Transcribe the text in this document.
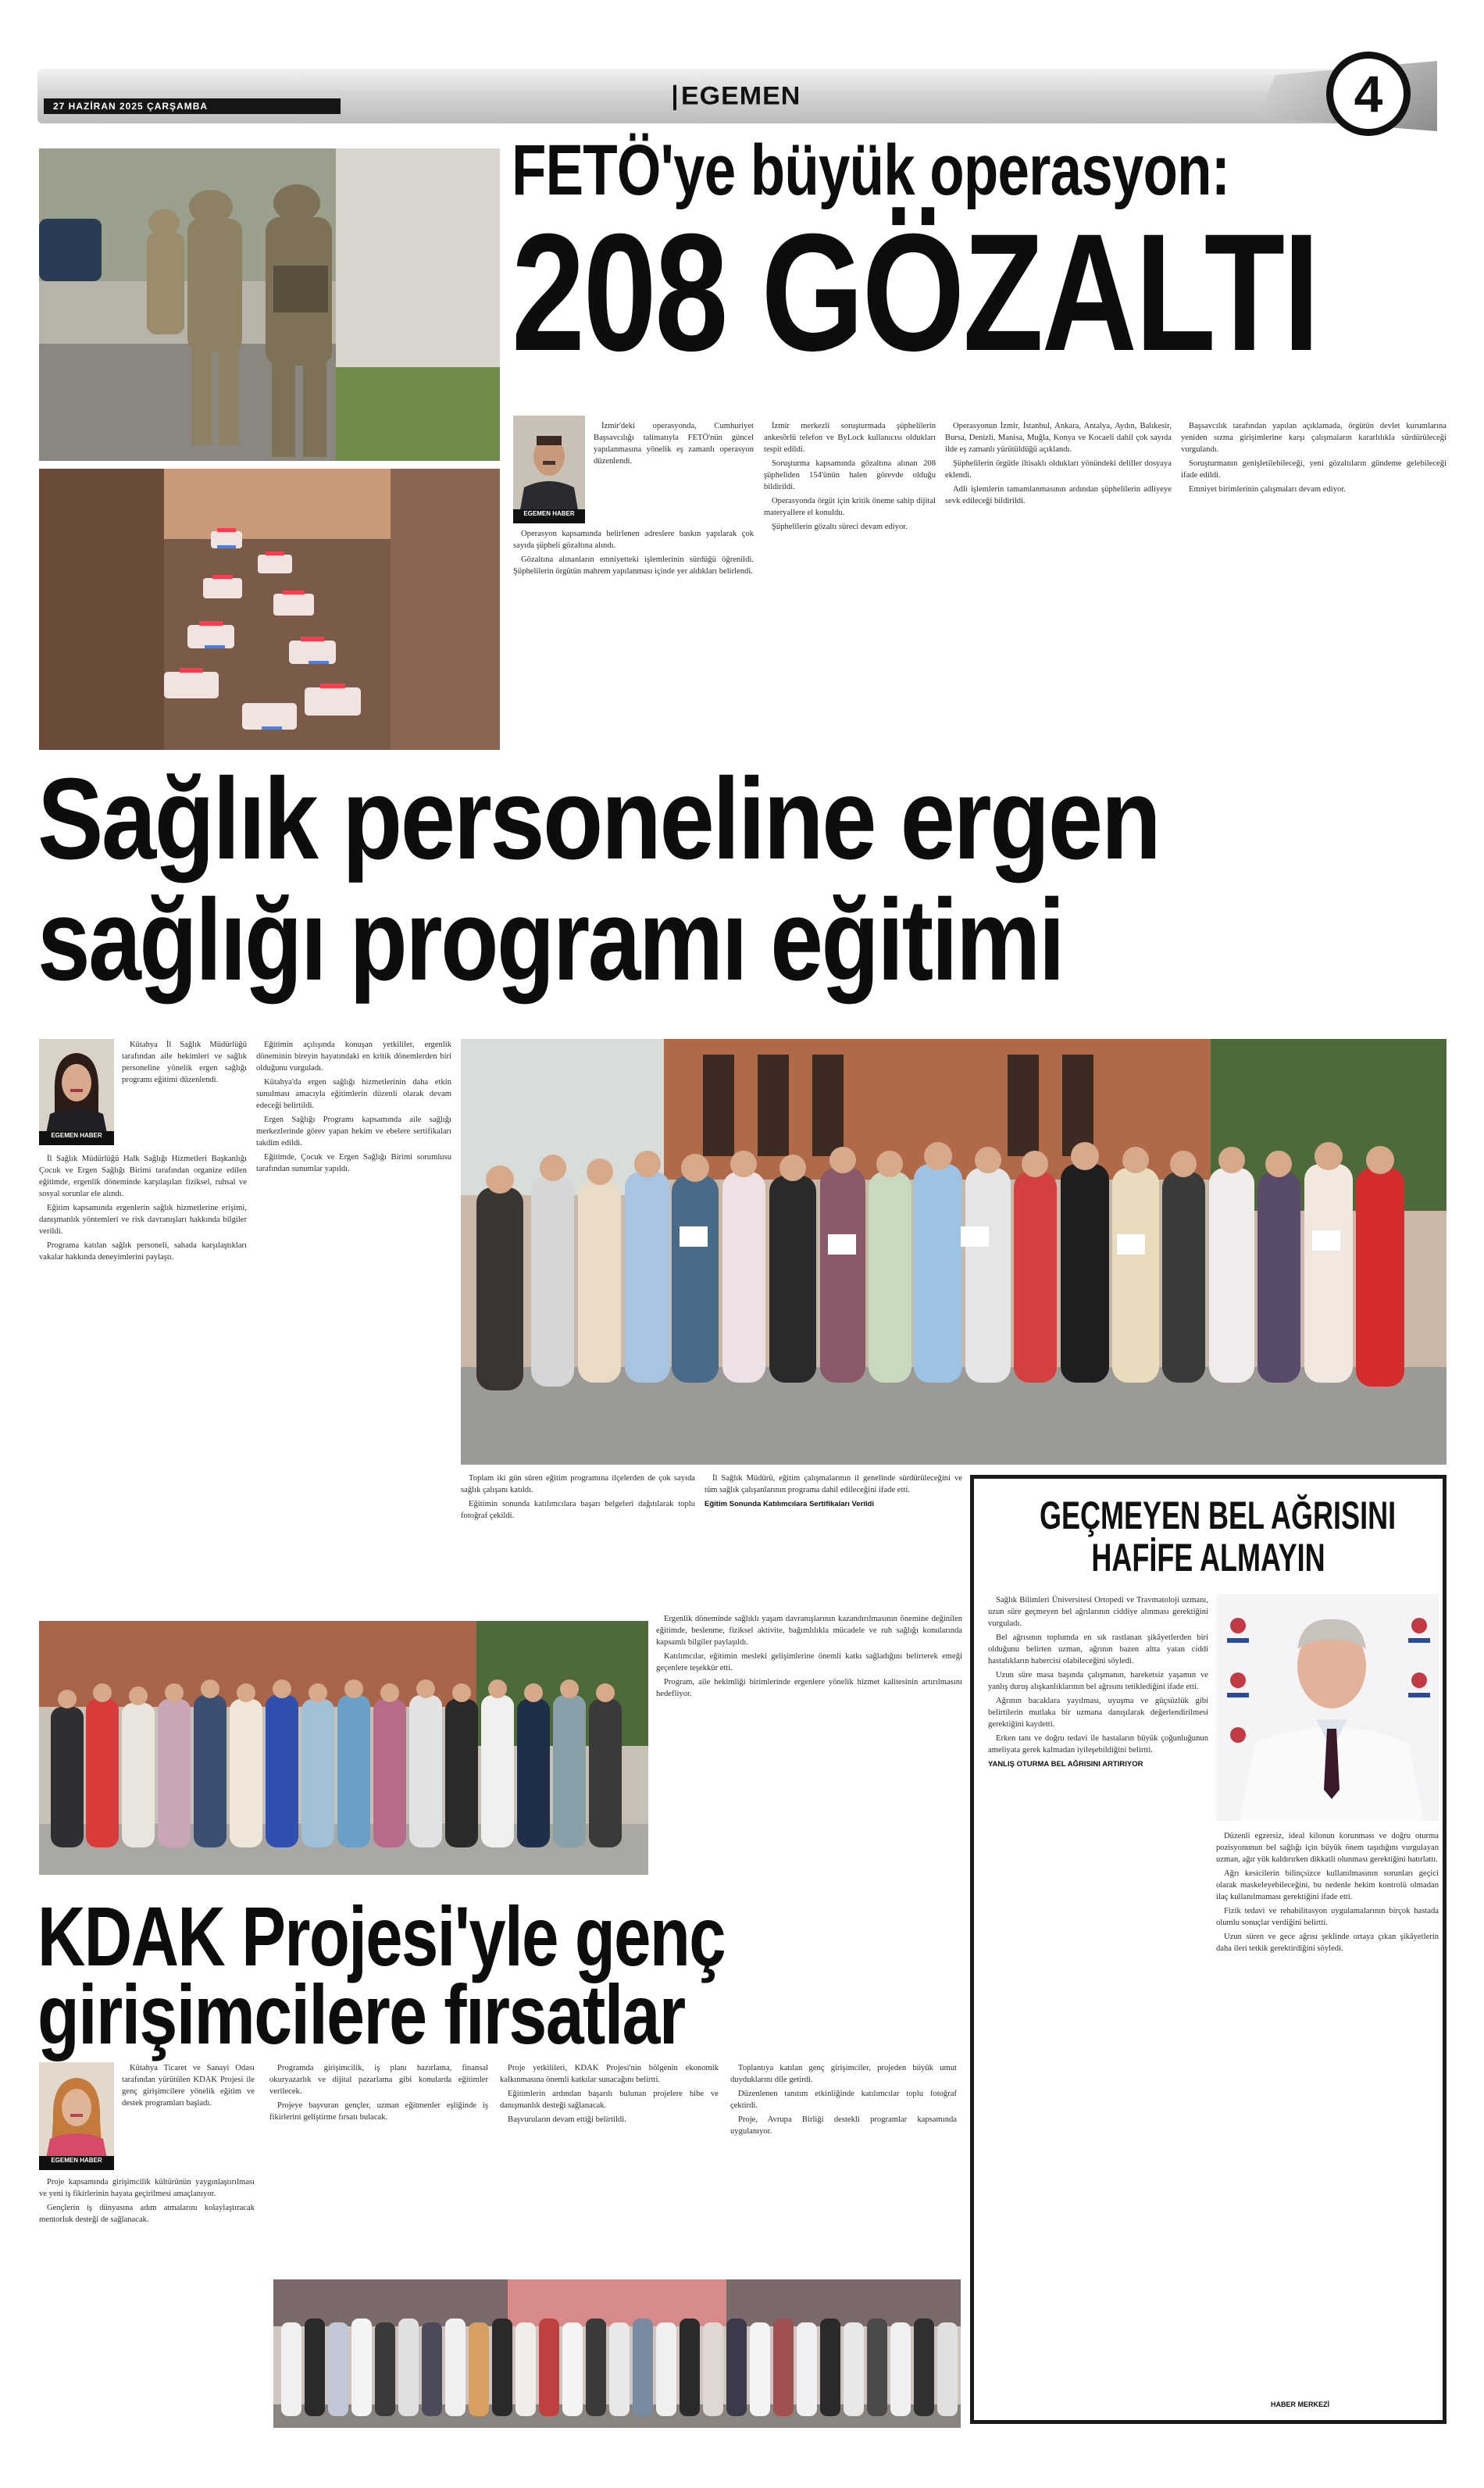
27 HAZİRAN 2025 ÇARŞAMBA	EGEMEN	4
FETÖ'ye büyük operasyon:
208 GÖZALTI
EGEMEN HABER

İzmir'deki operasyonda, Cumhuriyet Başsavcılığı talimatıyla FETÖ'nün güncel yapılanmasına yönelik eş zamanlı operasyon düzenlendi.

Operasyon kapsamında belirlenen adreslere baskın yapılarak çok sayıda şüpheli gözaltına alındı.

Gözaltına alınanların emniyetteki işlemlerinin sürdüğü öğrenildi. Şüphelilerin örgütün mahrem yapılanması içinde yer aldıkları belirlendi.

İzmir merkezli soruşturmada şüphelilerin ankesörlü telefon ve ByLock kullanıcısı oldukları tespit edildi.

Soruşturma kapsamında gözaltına alınan 208 şüpheliden 154'ünün halen görevde olduğu bildirildi.

Operasyonda örgüt için kritik öneme sahip dijital materyallere el konuldu.

Şüphelilerin gözaltı süreci devam ediyor.

Operasyonun İzmir, İstanbul, Ankara, Antalya, Aydın, Balıkesir, Bursa, Denizli, Manisa, Muğla, Konya ve Kocaeli dahil çok sayıda ilde eş zamanlı yürütüldüğü açıklandı.

Şüphelilerin örgütle iltisaklı oldukları yönündeki deliller dosyaya eklendi.

Adli işlemlerin tamamlanmasının ardından şüphelilerin adliyeye sevk edileceği bildirildi.

Başsavcılık tarafından yapılan açıklamada, örgütün devlet kurumlarına yeniden sızma girişimlerine karşı çalışmaların kararlılıkla sürdürüleceği vurgulandı.

Soruşturmanın genişletilebileceği, yeni gözaltıların gündeme gelebileceği ifade edildi.

Emniyet birimlerinin çalışmaları devam ediyor.

Sağlık personeline ergen
sağlığı programı eğitimi
EGEMEN HABER

Kütahya İl Sağlık Müdürlüğü tarafından aile hekimleri ve sağlık personeline yönelik ergen sağlığı programı eğitimi düzenlendi.

İl Sağlık Müdürlüğü Halk Sağlığı Hizmetleri Başkanlığı Çocuk ve Ergen Sağlığı Birimi tarafından organize edilen eğitimde, ergenlik döneminde karşılaşılan fiziksel, ruhsal ve sosyal sorunlar ele alındı.

Eğitim kapsamında ergenlerin sağlık hizmetlerine erişimi, danışmanlık yöntemleri ve risk davranışları hakkında bilgiler verildi.

Programa katılan sağlık personeli, sahada karşılaştıkları vakalar hakkında deneyimlerini paylaştı.

Eğitimin açılışında konuşan yetkililer, ergenlik döneminin bireyin hayatındaki en kritik dönemlerden biri olduğunu vurguladı.

Kütahya'da ergen sağlığı hizmetlerinin daha etkin sunulması amacıyla eğitimlerin düzenli olarak devam edeceği belirtildi.

Ergen Sağlığı Programı kapsamında aile sağlığı merkezlerinde görev yapan hekim ve ebelere sertifikaları takdim edildi.

Eğitimde, Çocuk ve Ergen Sağlığı Birimi sorumlusu tarafından sunumlar yapıldı.

Toplam iki gün süren eğitim programına ilçelerden de çok sayıda sağlık çalışanı katıldı.

Eğitimin sonunda katılımcılara başarı belgeleri dağıtılarak toplu fotoğraf çekildi.

İl Sağlık Müdürü, eğitim çalışmalarının il genelinde sürdürüleceğini ve tüm sağlık çalışanlarının programa dahil edileceğini ifade etti.

Eğitim Sonunda Katılımcılara Sertifikaları Verildi

Ergenlik döneminde sağlıklı yaşam davranışlarının kazandırılmasının önemine değinilen eğitimde, beslenme, fiziksel aktivite, bağımlılıkla mücadele ve ruh sağlığı konularında kapsamlı bilgiler paylaşıldı.

Katılımcılar, eğitimin mesleki gelişimlerine önemli katkı sağladığını belirterek emeği geçenlere teşekkür etti.

Program, aile hekimliği birimlerinde ergenlere yönelik hizmet kalitesinin artırılmasını hedefliyor.

KDAK Projesi'yle genç
girişimcilere fırsatlar
EGEMEN HABER

Kütahya Ticaret ve Sanayi Odası tarafından yürütülen KDAK Projesi ile genç girişimcilere yönelik eğitim ve destek programları başladı.

Proje kapsamında girişimcilik kültürünün yaygınlaştırılması ve yeni iş fikirlerinin hayata geçirilmesi amaçlanıyor.

Gençlerin iş dünyasına adım atmalarını kolaylaştıracak mentorluk desteği de sağlanacak.

Programda girişimcilik, iş planı hazırlama, finansal okuryazarlık ve dijital pazarlama gibi konularda eğitimler verilecek.

Projeye başvuran gençler, uzman eğitmenler eşliğinde iş fikirlerini geliştirme fırsatı bulacak.

Proje yetkilileri, KDAK Projesi'nin bölgenin ekonomik kalkınmasına önemli katkılar sunacağını belirtti.

Eğitimlerin ardından başarılı bulunan projelere hibe ve danışmanlık desteği sağlanacak.

Başvuruların devam ettiği belirtildi.

Toplantıya katılan genç girişimciler, projeden büyük umut duyduklarını dile getirdi.

Düzenlenen tanıtım etkinliğinde katılımcılar toplu fotoğraf çektirdi.

Proje, Avrupa Birliği destekli programlar kapsamında uygulanıyor.

GEÇMEYEN BEL AĞRISINI
HAFİFE ALMAYIN

Sağlık Bilimleri Üniversitesi Ortopedi ve Travmatoloji uzmanı, uzun süre geçmeyen bel ağrılarının ciddiye alınması gerektiğini vurguladı.

Bel ağrısının toplumda en sık rastlanan şikâyetlerden biri olduğunu belirten uzman, ağrının bazen altta yatan ciddi hastalıkların habercisi olabileceğini söyledi.

Uzun süre masa başında çalışmanın, hareketsiz yaşamın ve yanlış duruş alışkanlıklarının bel ağrısını tetiklediğini ifade etti.

Ağrının bacaklara yayılması, uyuşma ve güçsüzlük gibi belirtilerin mutlaka bir uzmana danışılarak değerlendirilmesi gerektiğini kaydetti.

Erken tanı ve doğru tedavi ile hastaların büyük çoğunluğunun ameliyata gerek kalmadan iyileşebildiğini belirtti.

YANLIŞ OTURMA BEL AĞRISINI ARTIRIYOR

Düzenli egzersiz, ideal kilonun korunması ve doğru oturma pozisyonunun bel sağlığı için büyük önem taşıdığını vurgulayan uzman, ağır yük kaldırırken dikkatli olunması gerektiğini hatırlattı.

Ağrı kesicilerin bilinçsizce kullanılmasının sorunları geçici olarak maskeleyebileceğini, bu nedenle hekim kontrolü olmadan ilaç kullanılmaması gerektiğini ifade etti.

Fizik tedavi ve rehabilitasyon uygulamalarının birçok hastada olumlu sonuçlar verdiğini belirtti.

Uzun süren ve gece ağrısı şeklinde ortaya çıkan şikâyetlerin daha ileri tetkik gerektirdiğini söyledi.

HABER MERKEZİ
